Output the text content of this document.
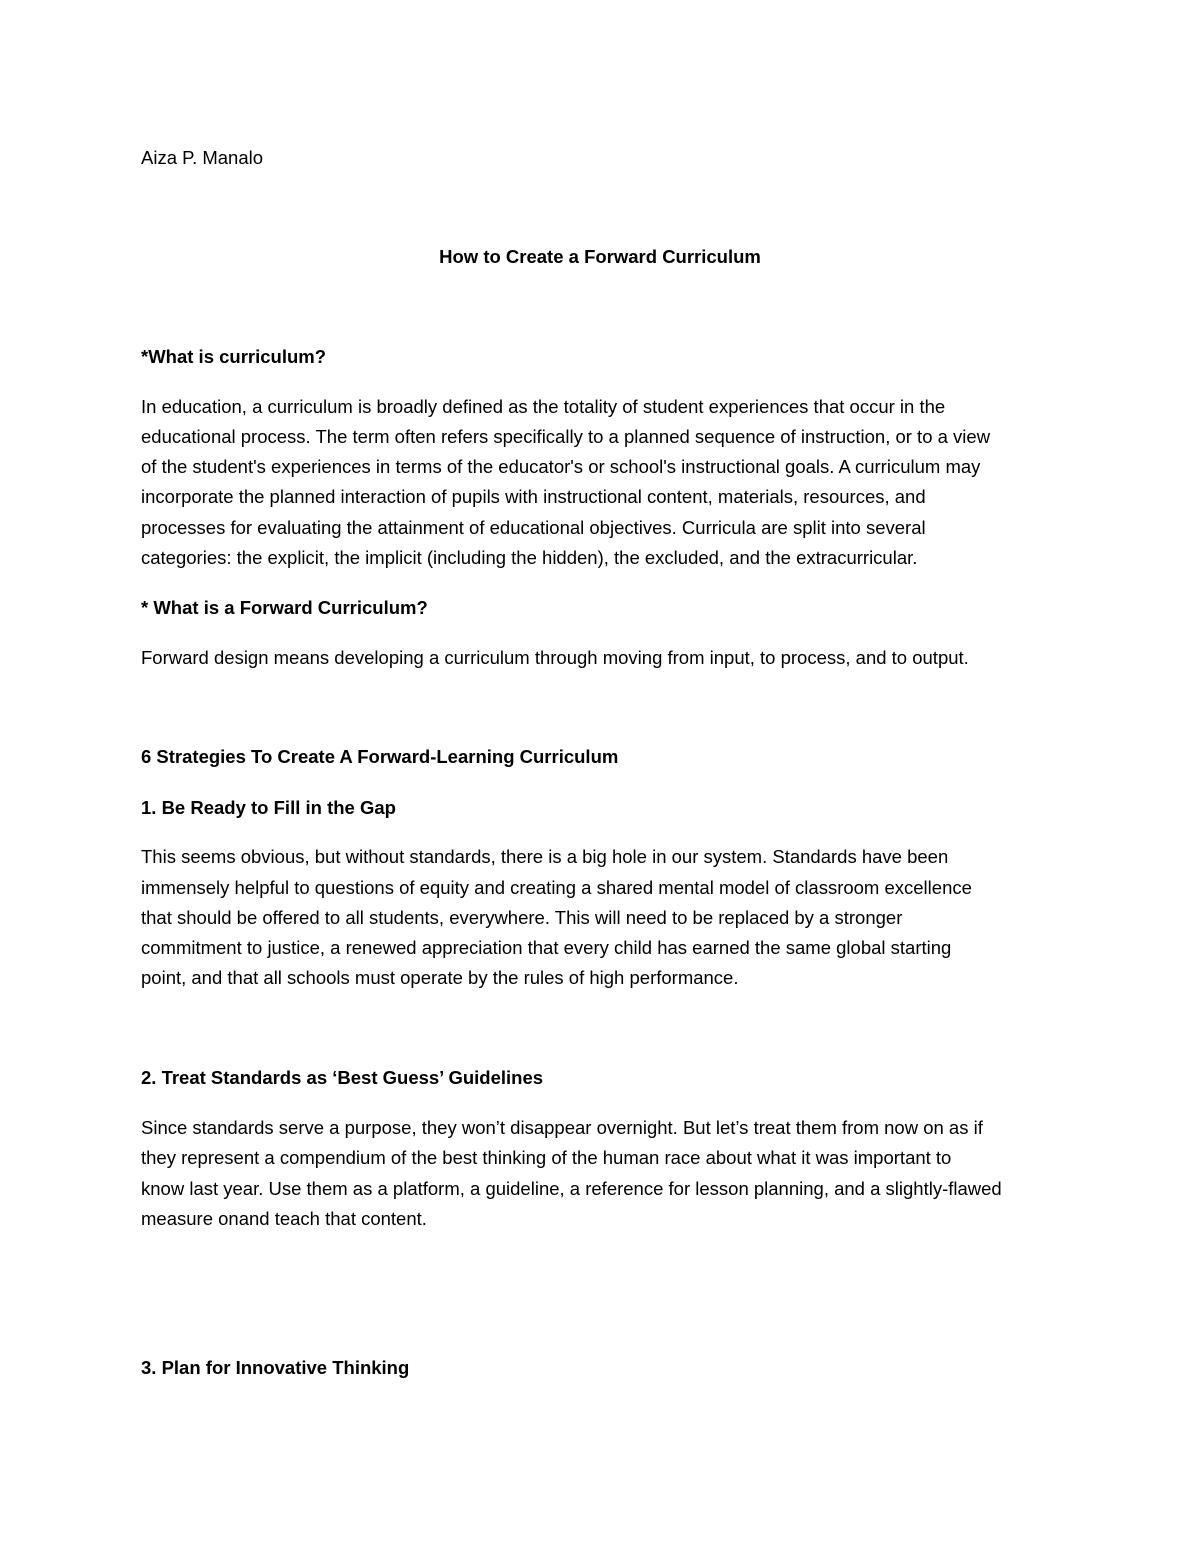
Aiza P. Manalo
How to Create a Forward Curriculum
*What is curriculum?
In education, a curriculum is broadly defined as the totality of student experiences that occur in the
educational process. The term often refers specifically to a planned sequence of instruction, or to a view
of the student's experiences in terms of the educator's or school's instructional goals. A curriculum may
incorporate the planned interaction of pupils with instructional content, materials, resources, and
processes for evaluating the attainment of educational objectives. Curricula are split into several
categories: the explicit, the implicit (including the hidden), the excluded, and the extracurricular.
* What is a Forward Curriculum?
Forward design means developing a curriculum through moving from input, to process, and to output.
6 Strategies To Create A Forward-Learning Curriculum
1. Be Ready to Fill in the Gap
This seems obvious, but without standards, there is a big hole in our system. Standards have been
immensely helpful to questions of equity and creating a shared mental model of classroom excellence
that should be offered to all students, everywhere. This will need to be replaced by a stronger
commitment to justice, a renewed appreciation that every child has earned the same global starting
point, and that all schools must operate by the rules of high performance.
2. Treat Standards as ‘Best Guess’ Guidelines
Since standards serve a purpose, they won’t disappear overnight. But let’s treat them from now on as if
they represent a compendium of the best thinking of the human race about what it was important to
know last year. Use them as a platform, a guideline, a reference for lesson planning, and a slightly-flawed
measure onand teach that content.
3. Plan for Innovative Thinking
